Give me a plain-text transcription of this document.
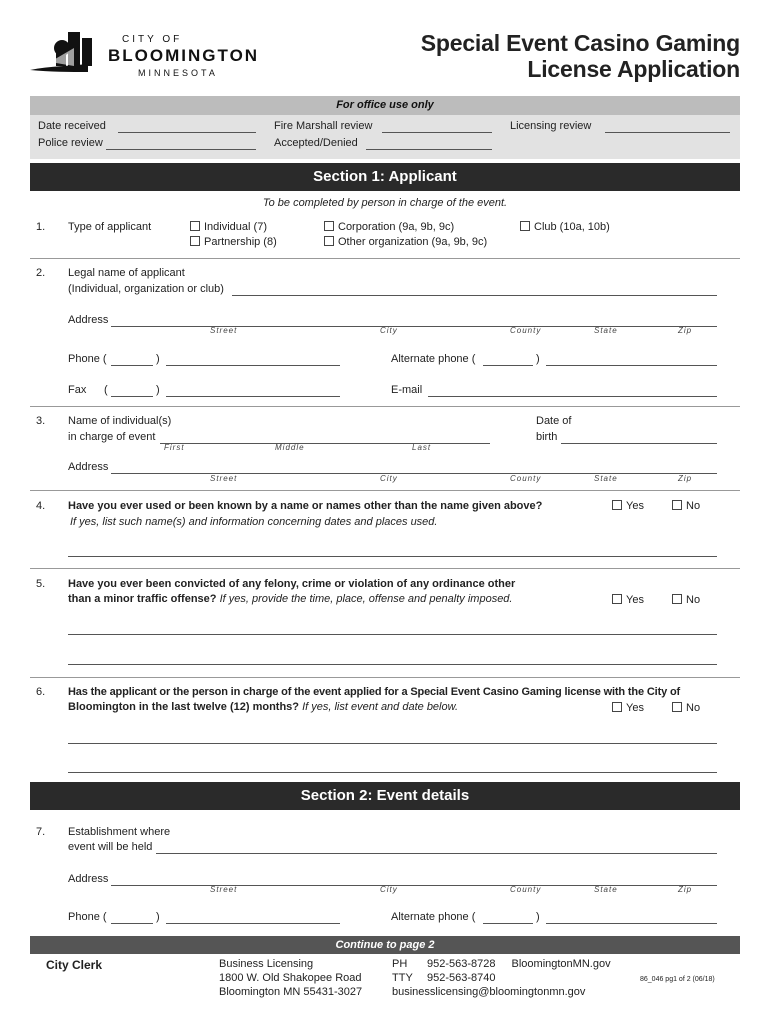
CITY OF
BLOOMINGTON
MINNESOTA
Special Event Casino Gaming
License Application
For office use only
Date received	Fire Marshall review	Licensing review
Police review	Accepted/Denied
Section 1: Applicant
To be completed by person in charge of the event.
1. Type of applicant	Individual (7)
Partnership (8)
Corporation (9a, 9b, 9c)
Other organization (9a, 9b, 9c)
Club (10a, 10b)
2. Legal name of applicant
(Individual, organization or club)
Address
Street	City	County	State	Zip
Phone (	)	Alternate phone (	)
Fax (	)	E-mail
3. Name of individual(s)
in charge of event
First	Middle	Last
Date of
birth
Address
Street	City	County	State	Zip
4. Have you ever used or been known by a name or names other than the name given above?	Yes	No
If yes, list such name(s) and information concerning dates and places used.
5. Have you ever been convicted of any felony, crime or violation of any ordinance other
than a minor traffic offense? If yes, provide the time, place, offense and penalty imposed.	Yes	No
6. Has the applicant or the person in charge of the event applied for a Special Event Casino Gaming license with the City of
Bloomington in the last twelve (12) months? If yes, list event and date below.	Yes	No
Section 2: Event details
7. Establishment where
event will be held
Address
Street	City	County	State	Zip
Phone (	)	Alternate phone (	)
Continue to page 2
City Clerk	Business Licensing
1800 W. Old Shakopee Road
Bloomington MN 55431-3027
PH 952-563-8728 BloomingtonMN.gov
TTY 952-563-8740
businesslicensing@bloomingtonmn.gov
86_046 pg1 of 2 (06/18)
